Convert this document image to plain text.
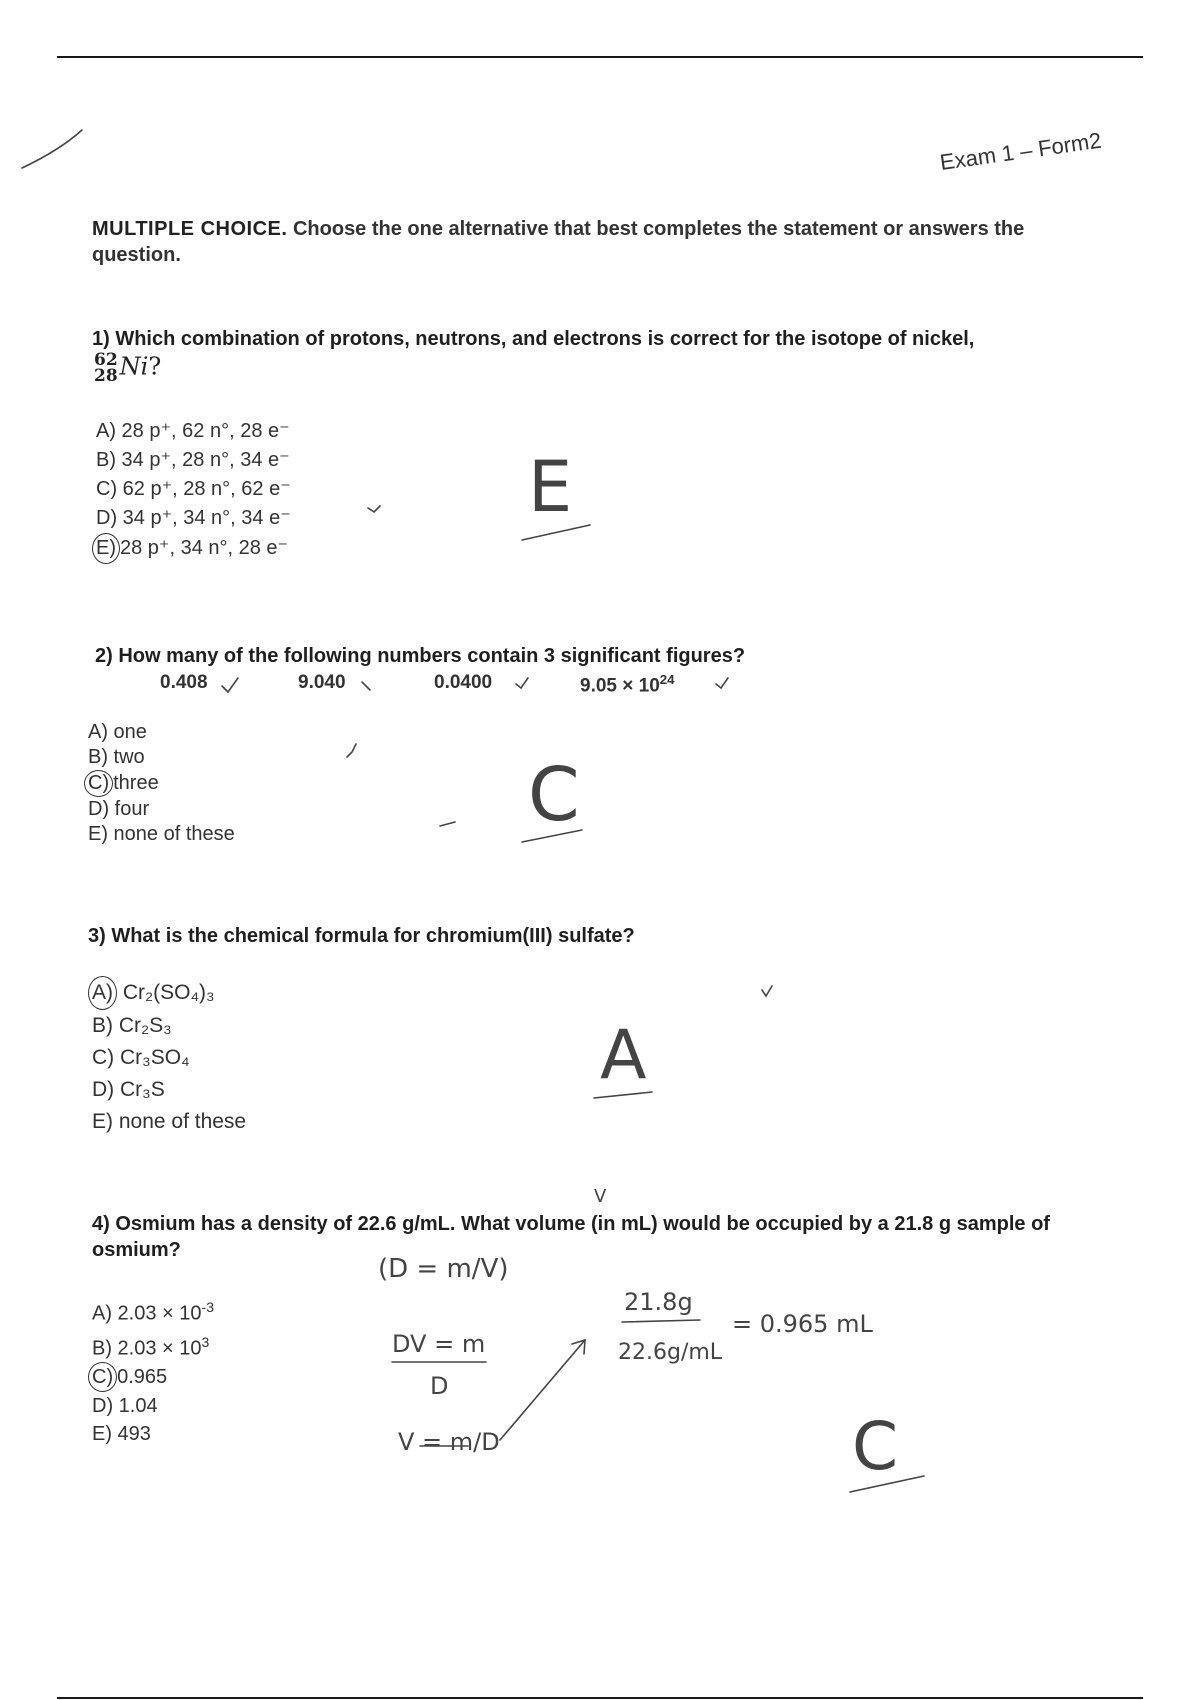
Exam 1 – Form2
MULTIPLE CHOICE. Choose the one alternative that best completes the statement or answers the question.
1) Which combination of protons, neutrons, and electrons is correct for the isotope of nickel,
62
28Ni?
A) 28 p⁺, 62 n°, 28 e⁻
B) 34 p⁺, 28 n°, 34 e⁻
C) 62 p⁺, 28 n°, 62 e⁻
D) 34 p⁺, 34 n°, 34 e⁻
E) 28 p⁺, 34 n°, 28 e⁻
E
2) How many of the following numbers contain 3 significant figures?
0.408	9.040	0.0400	$9.05 \times 10^{24}$
A) one
B) two
C) three
D) four
E) none of these	C
3) What is the chemical formula for chromium(III) sulfate?
A) Cr₂(SO₄)₃
B) Cr₂S₃
C) Cr₃SO₄
D) Cr₃S
E) none of these
A
V
4) Osmium has a density of 22.6 g/mL. What volume (in mL) would be occupied by a 21.8 g sample of osmium?
A) $2.03 \times 10^{-3}$
B) $2.03 \times 10^3$
C) 0.965
D) 1.04
E) 493
(D = m/V)
DV = m
D
V = m/D
21.8g
22.6g/mL
= 0.965 mL
C
